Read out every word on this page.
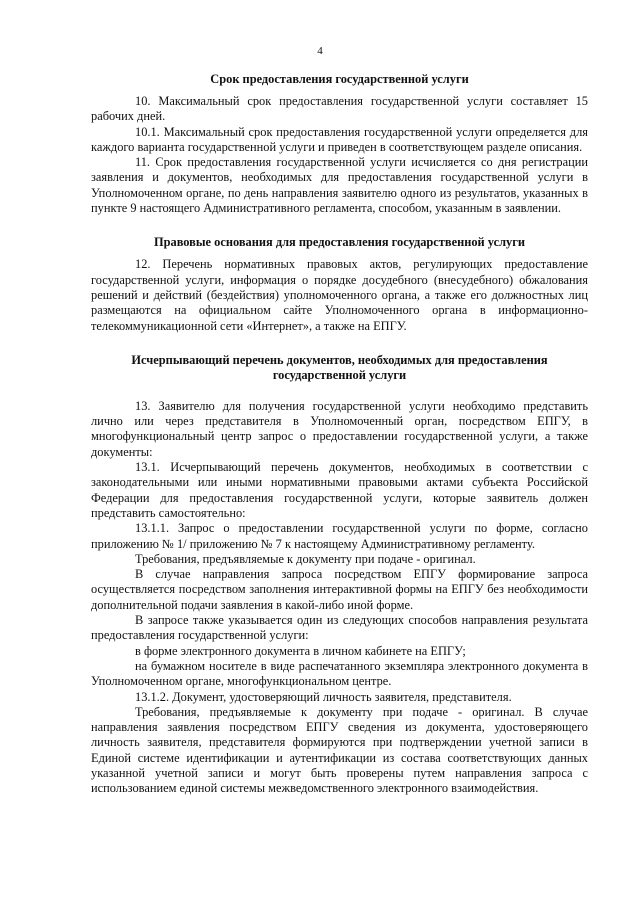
4
Срок предоставления государственной услуги

10. Максимальный срок предоставления государственной услуги составляет 15 рабочих дней.

10.1. Максимальный срок предоставления государственной услуги определяется для каждого варианта государственной услуги и приведен в соответствующем разделе описания.

11. Срок предоставления государственной услуги исчисляется со дня регистрации заявления и документов, необходимых для предоставления государственной услуги в Уполномоченном органе, по день направления заявителю одного из результатов, указанных в пункте 9 настоящего Административного регламента, способом, указанным в заявлении.

Правовые основания для предоставления государственной услуги

12. Перечень нормативных правовых актов, регулирующих предоставление государственной услуги, информация о порядке досудебного (внесудебного) обжалования решений и действий (бездействия) уполномоченного органа, а также его должностных лиц размещаются на официальном сайте Уполномоченного органа в информационно-телекоммуникационной сети «Интернет», а также на ЕПГУ.

Исчерпывающий перечень документов, необходимых для предоставления государственной услуги

13. Заявителю для получения государственной услуги необходимо представить лично или через представителя в Уполномоченный орган, посредством ЕПГУ, в многофункциональный центр запрос о предоставлении государственной услуги, а также документы:

13.1. Исчерпывающий перечень документов, необходимых в соответствии с законодательными или иными нормативными правовыми актами субъекта Российской Федерации для предоставления государственной услуги, которые заявитель должен представить самостоятельно:

13.1.1. Запрос о предоставлении государственной услуги по форме, согласно приложению № 1/ приложению № 7 к настоящему Административному регламенту.

Требования, предъявляемые к документу при подаче - оригинал.

В случае направления запроса посредством ЕПГУ формирование запроса осуществляется посредством заполнения интерактивной формы на ЕПГУ без необходимости дополнительной подачи заявления в какой-либо иной форме.

В запросе также указывается один из следующих способов направления результата предоставления государственной услуги:

в форме электронного документа в личном кабинете на ЕПГУ;

на бумажном носителе в виде распечатанного экземпляра электронного документа в Уполномоченном органе, многофункциональном центре.

13.1.2. Документ, удостоверяющий личность заявителя, представителя.

Требования, предъявляемые к документу при подаче - оригинал. В случае направления заявления посредством ЕПГУ сведения из документа, удостоверяющего личность заявителя, представителя формируются при подтверждении учетной записи в Единой системе идентификации и аутентификации из состава соответствующих данных указанной учетной записи и могут быть проверены путем направления запроса с использованием единой системы межведомственного электронного взаимодействия.
